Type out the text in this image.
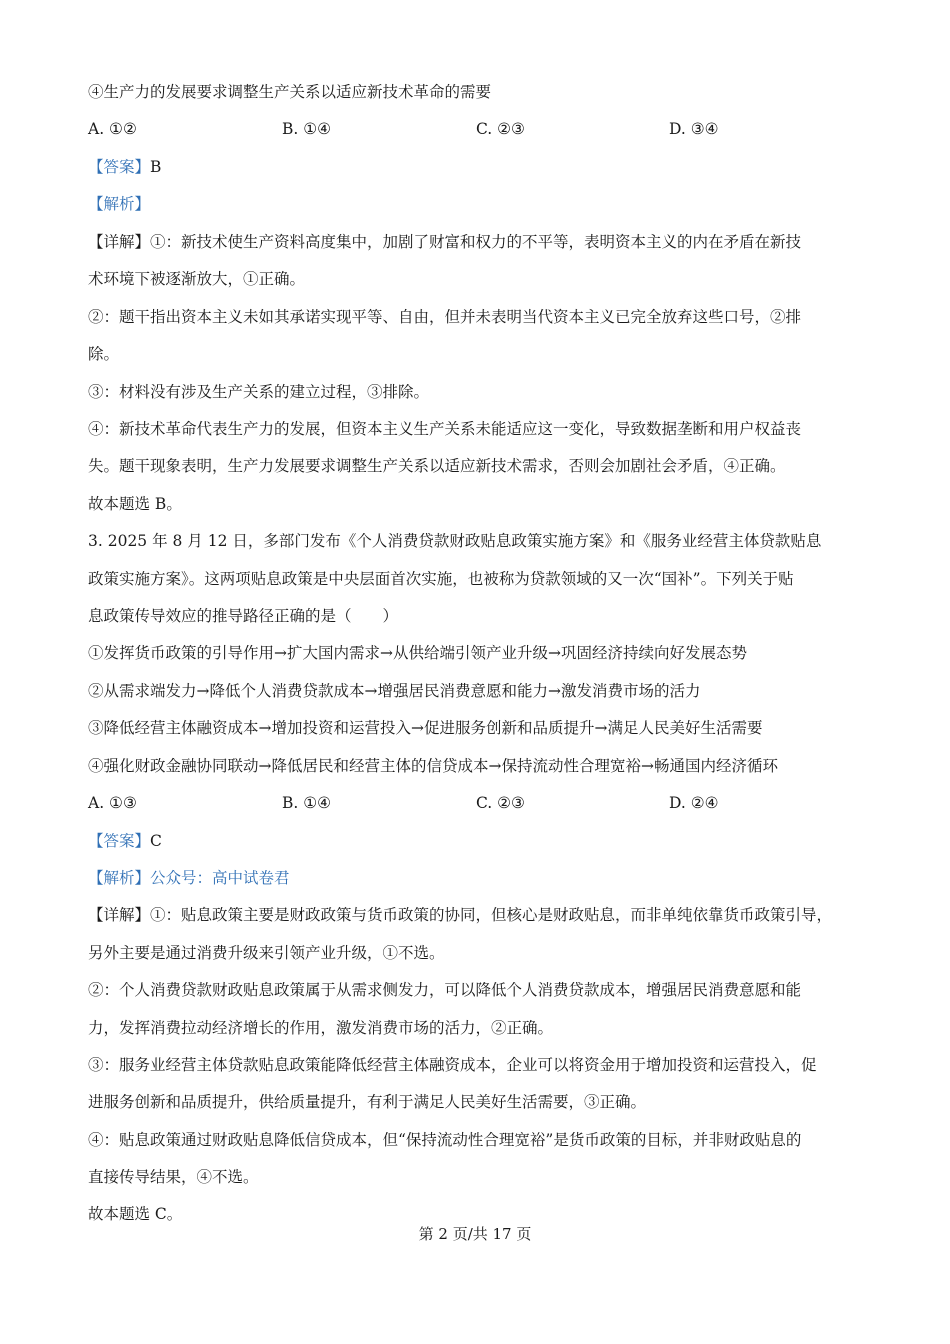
④生产力的发展要求调整生产关系以适应新技术革命的需要
A. ①②	B. ①④	C. ②③	D. ③④
【答案】B
【解析】
【详解】①：新技术使生产资料高度集中，加剧了财富和权力的不平等，表明资本主义的内在矛盾在新技
术环境下被逐渐放大，①正确。
②：题干指出资本主义未如其承诺实现平等、自由，但并未表明当代资本主义已完全放弃这些口号，②排
除。
③：材料没有涉及生产关系的建立过程，③排除。
④：新技术革命代表生产力的发展，但资本主义生产关系未能适应这一变化，导致数据垄断和用户权益丧
失。题干现象表明，生产力发展要求调整生产关系以适应新技术需求，否则会加剧社会矛盾，④正确。
故本题选 B。
3. 2025 年 8 月 12 日，多部门发布《个人消费贷款财政贴息政策实施方案》和《服务业经营主体贷款贴息
政策实施方案》。这两项贴息政策是中央层面首次实施，也被称为贷款领域的又一次“国补”。下列关于贴
息政策传导效应的推导路径正确的是（　　）
①发挥货币政策的引导作用→扩大国内需求→从供给端引领产业升级→巩固经济持续向好发展态势
②从需求端发力→降低个人消费贷款成本→增强居民消费意愿和能力→激发消费市场的活力
③降低经营主体融资成本→增加投资和运营投入→促进服务创新和品质提升→满足人民美好生活需要
④强化财政金融协同联动→降低居民和经营主体的信贷成本→保持流动性合理宽裕→畅通国内经济循环
A. ①③	B. ①④	C. ②③	D. ②④
【答案】C
【解析】公众号：高中试卷君
【详解】①：贴息政策主要是财政政策与货币政策的协同，但核心是财政贴息，而非单纯依靠货币政策引导，
另外主要是通过消费升级来引领产业升级，①不选。
②：个人消费贷款财政贴息政策属于从需求侧发力，可以降低个人消费贷款成本，增强居民消费意愿和能
力，发挥消费拉动经济增长的作用，激发消费市场的活力，②正确。
③：服务业经营主体贷款贴息政策能降低经营主体融资成本，企业可以将资金用于增加投资和运营投入，促
进服务创新和品质提升，供给质量提升，有利于满足人民美好生活需要，③正确。
④：贴息政策通过财政贴息降低信贷成本，但“保持流动性合理宽裕”是货币政策的目标，并非财政贴息的
直接传导结果，④不选。
故本题选 C。
第 2 页/共 17 页
